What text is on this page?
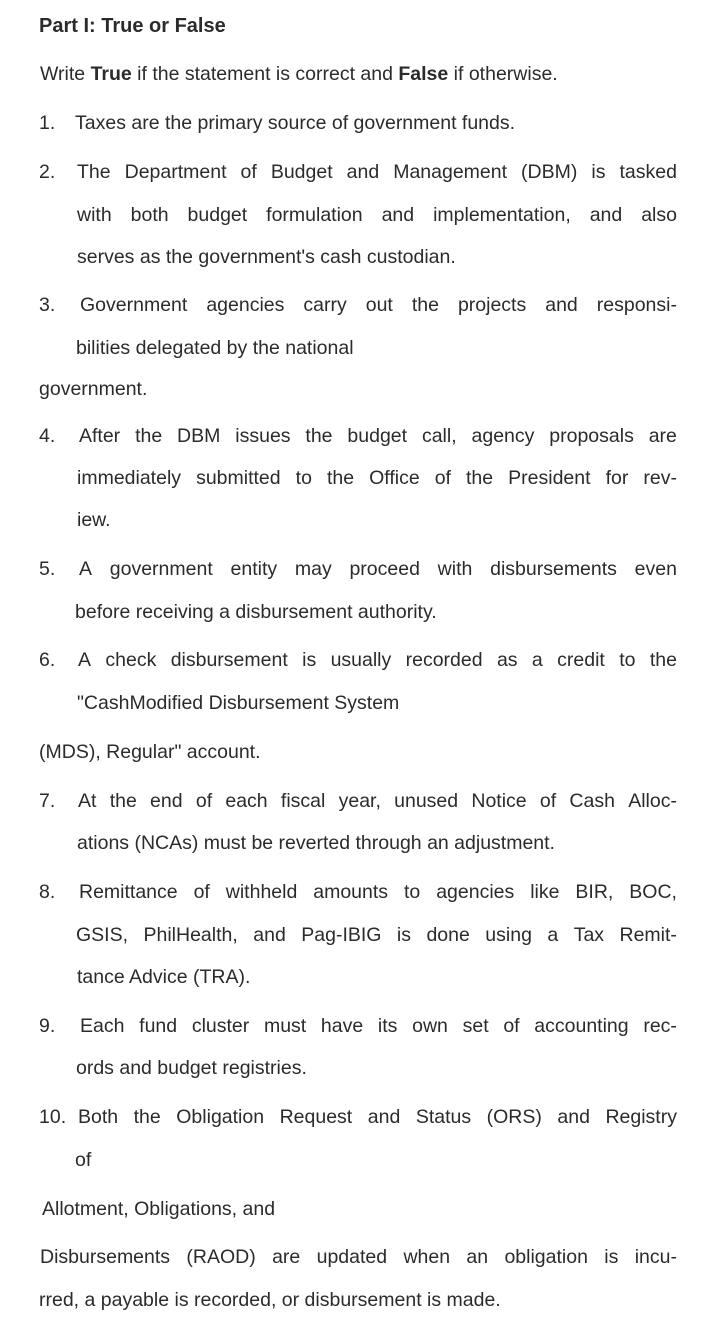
Part I: True or False
Write True if the statement is correct and False if otherwise.
1. Taxes are the primary source of government funds.
2. The Department of Budget and Management (DBM) is tasked
with both budget formulation and implementation, and also
serves as the government's cash custodian.
3. Government agencies carry out the projects and responsi-
bilities delegated by the national
government.
4. After the DBM issues the budget call, agency proposals are
immediately submitted to the Office of the President for rev-
iew.
5. A government entity may proceed with disbursements even
before receiving a disbursement authority.
6. A check disbursement is usually recorded as a credit to the
"CashModified Disbursement System
(MDS), Regular" account.
7. At the end of each fiscal year, unused Notice of Cash Alloc-
ations (NCAs) must be reverted through an adjustment.
8. Remittance of withheld amounts to agencies like BIR, BOC,
GSIS, PhilHealth, and Pag-IBIG is done using a Tax Remit-
tance Advice (TRA).
9. Each fund cluster must have its own set of accounting rec-
ords and budget registries.
10. Both the Obligation Request and Status (ORS) and Registry
of
Allotment, Obligations, and
Disbursements (RAOD) are updated when an obligation is incu-
rred, a payable is recorded, or disbursement is made.
